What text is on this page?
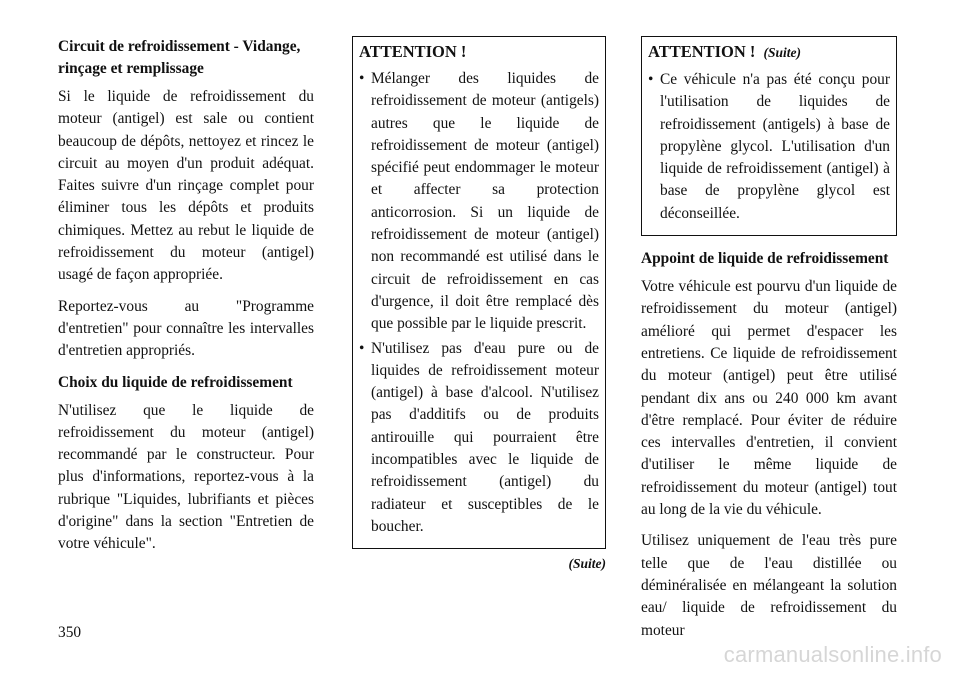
Circuit de refroidissement - Vidange, rinçage et remplissage

Si le liquide de refroidissement du moteur (antigel) est sale ou contient beaucoup de dépôts, nettoyez et rincez le circuit au moyen d'un produit adéquat. Faites suivre d'un rinçage complet pour éliminer tous les dépôts et produits chimiques. Mettez au rebut le liquide de refroidissement du moteur (antigel) usagé de façon appropriée.

Reportez-vous au "Programme d'entretien" pour connaître les intervalles d'entretien appropriés.

Choix du liquide de refroidissement

N'utilisez que le liquide de refroidissement du moteur (antigel) recommandé par le constructeur. Pour plus d'informations, reportez-vous à la rubrique "Liquides, lubrifiants et pièces d'origine" dans la section "Entretien de votre véhicule".

ATTENTION !
• Mélanger des liquides de refroidissement de moteur (antigels) autres que le liquide de refroidissement de moteur (antigel) spécifié peut endommager le moteur et affecter sa protection anticorrosion. Si un liquide de refroidissement de moteur (antigel) non recommandé est utilisé dans le circuit de refroidissement en cas d'urgence, il doit être remplacé dès que possible par le liquide prescrit.
• N'utilisez pas d'eau pure ou de liquides de refroidissement moteur (antigel) à base d'alcool. N'utilisez pas d'additifs ou de produits antirouille qui pourraient être incompatibles avec le liquide de refroidissement (antigel) du radiateur et susceptibles de le boucher.
(Suite)
ATTENTION ! (Suite)
• Ce véhicule n'a pas été conçu pour l'utilisation de liquides de refroidissement (antigels) à base de propylène glycol. L'utilisation d'un liquide de refroidissement (antigel) à base de propylène glycol est déconseillée.
Appoint de liquide de refroidissement

Votre véhicule est pourvu d'un liquide de refroidissement du moteur (antigel) amélioré qui permet d'espacer les entretiens. Ce liquide de refroidissement du moteur (antigel) peut être utilisé pendant dix ans ou 240 000 km avant d'être remplacé. Pour éviter de réduire ces intervalles d'entretien, il convient d'utiliser le même liquide de refroidissement du moteur (antigel) tout au long de la vie du véhicule.

Utilisez uniquement de l'eau très pure telle que de l'eau distillée ou déminéralisée en mélangeant la solution eau/ liquide de refroidissement du moteur

350
carmanualsonline.info
